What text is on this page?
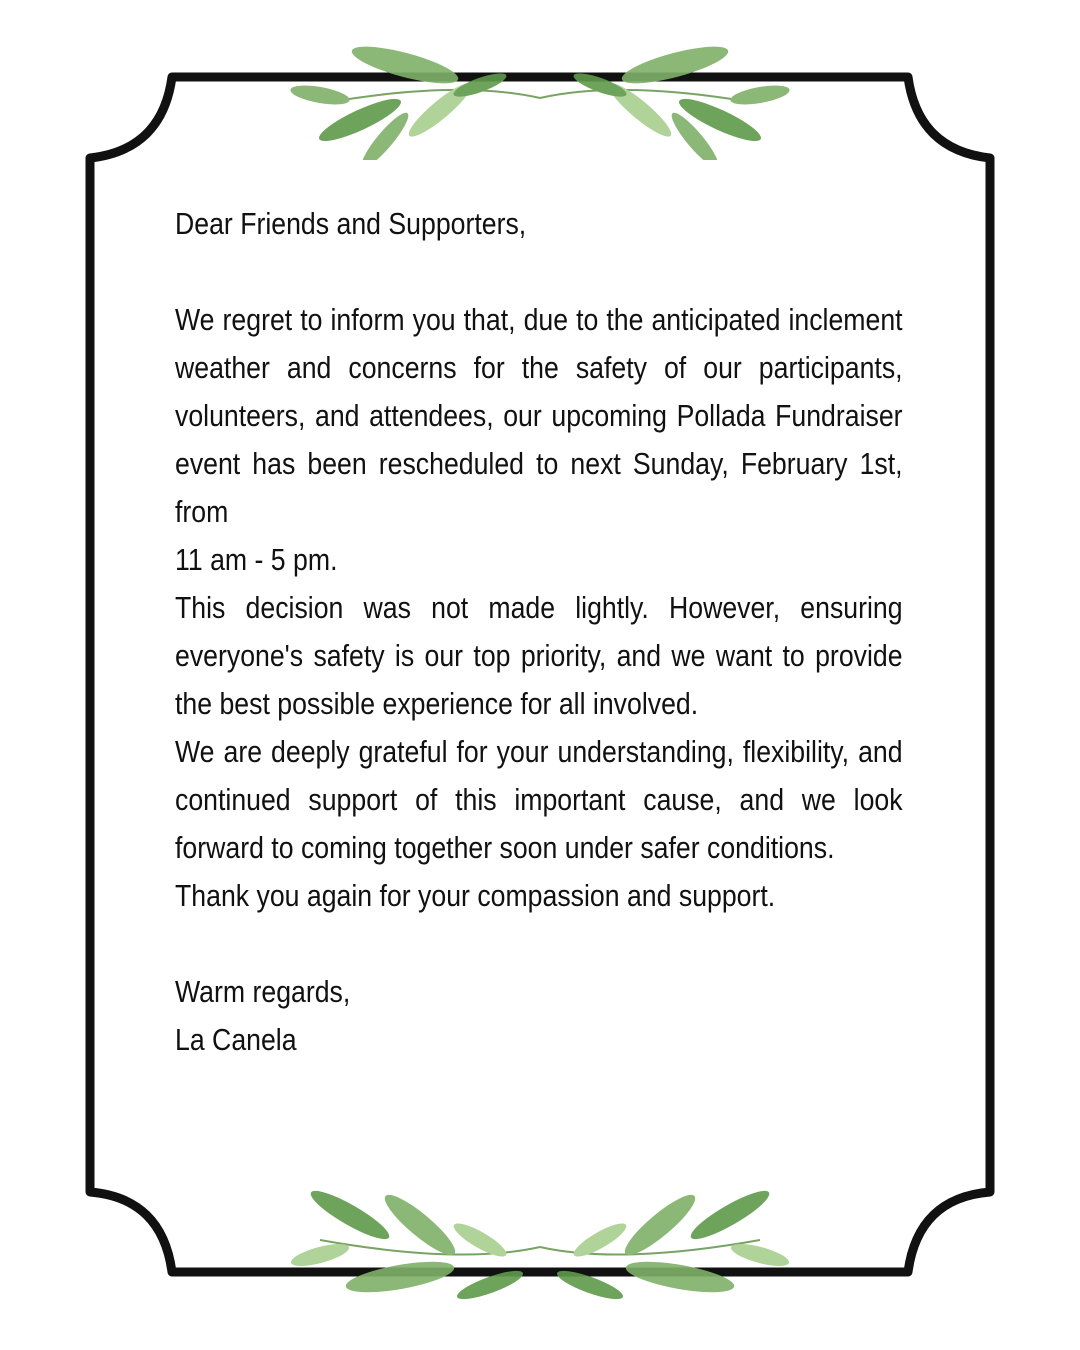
Dear Friends and Supporters,

We regret to inform you that, due to the anticipated inclement weather and concerns for the safety of our participants, volunteers, and attendees, our upcoming Pollada Fundraiser event has been rescheduled to next Sunday, February 1st, from

11 am - 5 pm.

This decision was not made lightly. However, ensuring everyone's safety is our top priority, and we want to provide the best possible experience for all involved.

We are deeply grateful for your understanding, flexibility, and continued support of this important cause, and we look forward to coming together soon under safer conditions.

Thank you again for your compassion and support.

Warm regards,

La Canela
